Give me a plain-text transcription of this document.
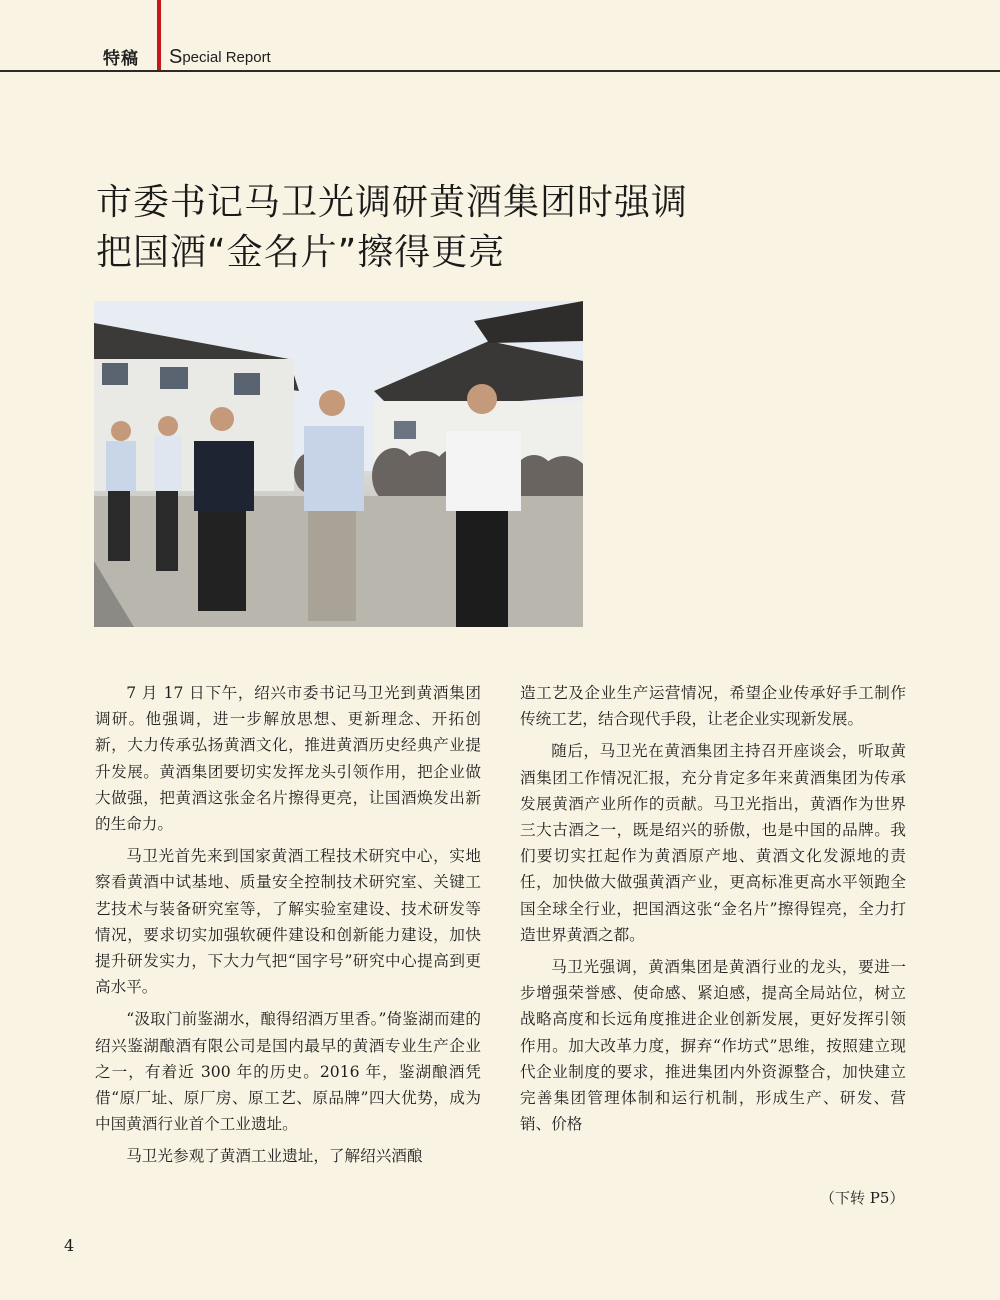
特稿 Special Report
市委书记马卫光调研黄酒集团时强调
把国酒“金名片”擦得更亮

7 月 17 日下午，绍兴市委书记马卫光到黄酒集团调研。他强调，进一步解放思想、更新理念、开拓创新，大力传承弘扬黄酒文化，推进黄酒历史经典产业提升发展。黄酒集团要切实发挥龙头引领作用，把企业做大做强，把黄酒这张金名片擦得更亮，让国酒焕发出新的生命力。

马卫光首先来到国家黄酒工程技术研究中心，实地察看黄酒中试基地、质量安全控制技术研究室、关键工艺技术与装备研究室等，了解实验室建设、技术研发等情况，要求切实加强软硬件建设和创新能力建设，加快提升研发实力，下大力气把“国字号”研究中心提高到更高水平。

“汲取门前鉴湖水，酿得绍酒万里香。”倚鉴湖而建的绍兴鉴湖酿酒有限公司是国内最早的黄酒专业生产企业之一，有着近 300 年的历史。2016 年，鉴湖酿酒凭借“原厂址、原厂房、原工艺、原品牌”四大优势，成为中国黄酒行业首个工业遗址。

马卫光参观了黄酒工业遗址，了解绍兴酒酿

造工艺及企业生产运营情况，希望企业传承好手工制作传统工艺，结合现代手段，让老企业实现新发展。

随后，马卫光在黄酒集团主持召开座谈会，听取黄酒集团工作情况汇报，充分肯定多年来黄酒集团为传承发展黄酒产业所作的贡献。马卫光指出，黄酒作为世界三大古酒之一，既是绍兴的骄傲，也是中国的品牌。我们要切实扛起作为黄酒原产地、黄酒文化发源地的责任，加快做大做强黄酒产业，更高标准更高水平领跑全国全球全行业，把国酒这张“金名片”擦得锃亮，全力打造世界黄酒之都。

马卫光强调，黄酒集团是黄酒行业的龙头，要进一步增强荣誉感、使命感、紧迫感，提高全局站位，树立战略高度和长远角度推进企业创新发展，更好发挥引领作用。加大改革力度，摒弃“作坊式”思维，按照建立现代企业制度的要求，推进集团内外资源整合，加快建立完善集团管理体制和运行机制，形成生产、研发、营销、价格

（下转 P5）
4
